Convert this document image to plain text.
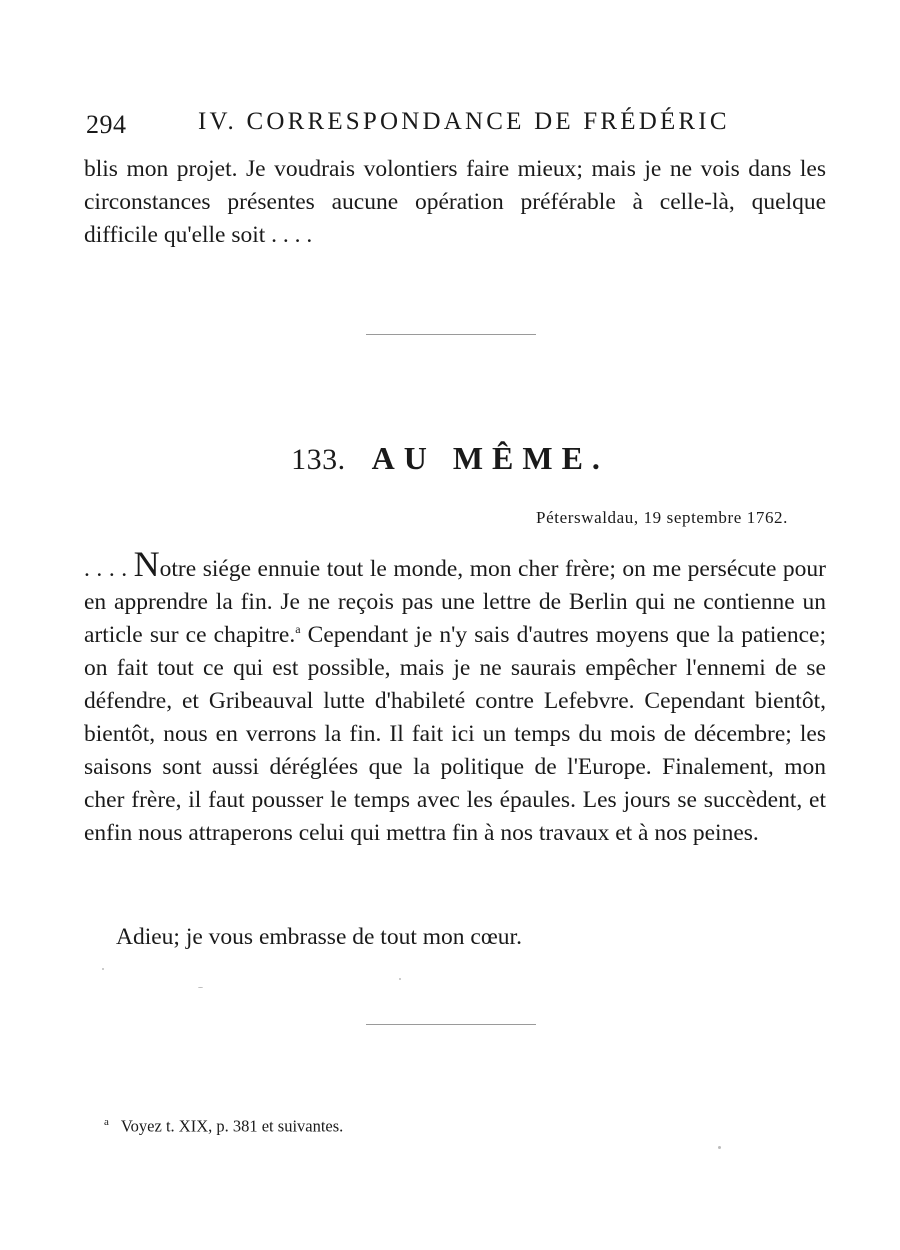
294	IV. CORRESPONDANCE DE FRÉDÉRIC

blis mon projet. Je voudrais volontiers faire mieux; mais je ne vois dans les circonstances présentes aucune opération préférable à celle-là, quelque difficile qu'elle soit . . . .

133. AU MÊME.
Péterswaldau, 19 septembre 1762.

. . . . Notre siége ennuie tout le monde, mon cher frère; on me persécute pour en apprendre la fin. Je ne reçois pas une lettre de Berlin qui ne contienne un article sur ce chapitre.$^a$ Cependant je n'y sais d'autres moyens que la patience; on fait tout ce qui est possible, mais je ne saurais empêcher l'ennemi de se défendre, et Gribeauval lutte d'habileté contre Lefebvre. Cependant bientôt, bientôt, nous en verrons la fin. Il fait ici un temps du mois de décembre; les saisons sont aussi déréglées que la politique de l'Europe. Finalement, mon cher frère, il faut pousser le temps avec les épaules. Les jours se succèdent, et enfin nous attraperons celui qui mettra fin à nos travaux et à nos peines.

Adieu; je vous embrasse de tout mon cœur.
$^a$ Voyez t. XIX, p. 381 et suivantes.
